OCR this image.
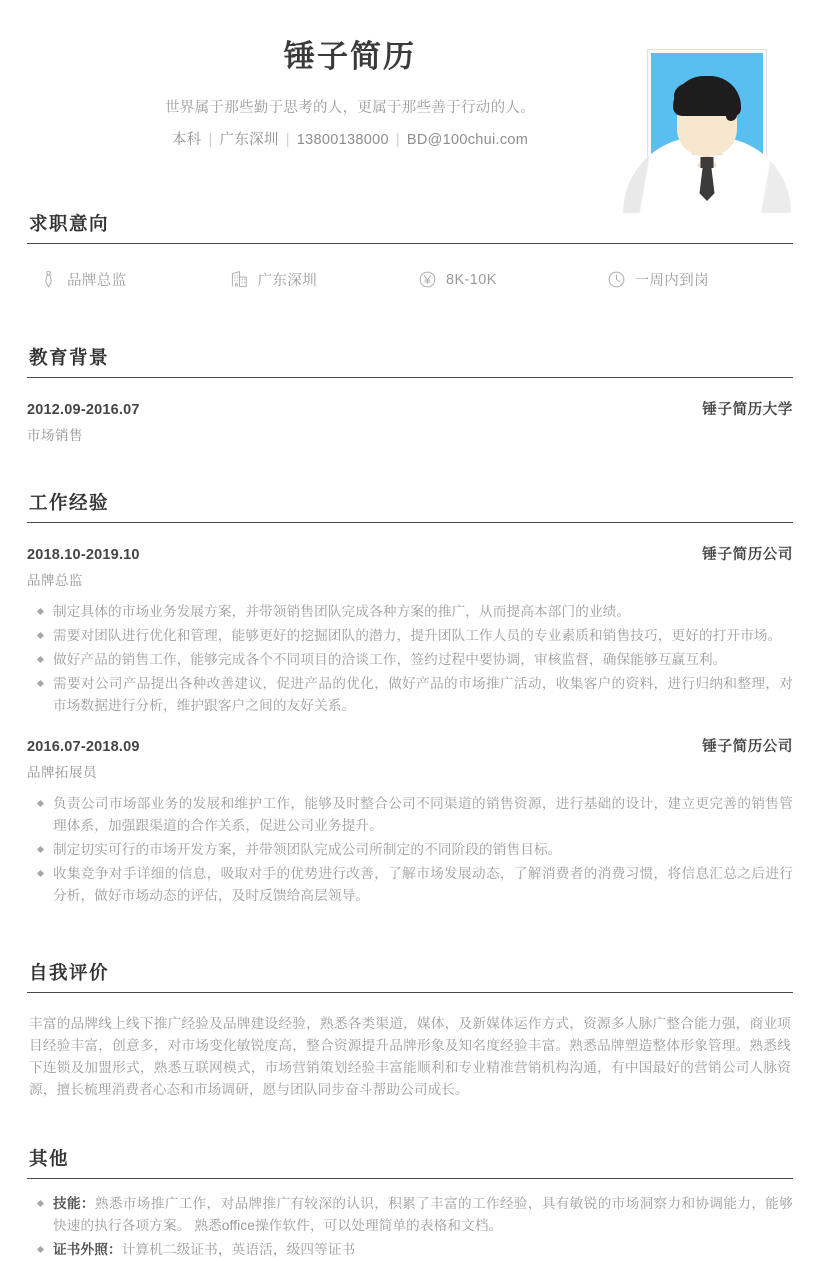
锤子简历
世界属于那些勤于思考的人，更属于那些善于行动的人。
本科 | 广东深圳 | 13800138000 | BD@100chui.com
求职意向
品牌总监	广东深圳	8K-10K	一周内到岗
教育背景
2012.09-2016.07	锤子简历大学
市场销售
工作经验
2018.10-2019.10	锤子简历公司
品牌总监
制定具体的市场业务发展方案，并带领销售团队完成各种方案的推广，从而提高本部门的业绩。
需要对团队进行优化和管理，能够更好的挖掘团队的潜力，提升团队工作人员的专业素质和销售技巧，更好的打开市场。
做好产品的销售工作，能够完成各个不同项目的洽谈工作，签约过程中要协调，审核监督，确保能够互赢互利。
需要对公司产品提出各种改善建议，促进产品的优化，做好产品的市场推广活动，收集客户的资料，进行归纳和整理，对市场数据进行分析，维护跟客户之间的友好关系。
2016.07-2018.09	锤子简历公司
品牌拓展员
负责公司市场部业务的发展和维护工作，能够及时整合公司不同渠道的销售资源，进行基础的设计，建立更完善的销售管理体系，加强跟渠道的合作关系，促进公司业务提升。
制定切实可行的市场开发方案，并带领团队完成公司所制定的不同阶段的销售目标。
收集竞争对手详细的信息，吸取对手的优势进行改善，了解市场发展动态，了解消费者的消费习惯，将信息汇总之后进行分析，做好市场动态的评估，及时反馈给高层领导。
自我评价
丰富的品牌线上线下推广经验及品牌建设经验，熟悉各类渠道，媒体，及新媒体运作方式，资源多人脉广整合能力强，商业项目经验丰富，创意多，对市场变化敏锐度高，整合资源提升品牌形象及知名度经验丰富。熟悉品牌塑造整体形象管理。熟悉线下连锁及加盟形式，熟悉互联网模式，市场营销策划经验丰富能顺利和专业精准营销机构沟通，有中国最好的营销公司人脉资源，擅长梳理消费者心态和市场调研，愿与团队同步奋斗帮助公司成长。
其他
技能：熟悉市场推广工作，对品牌推广有较深的认识，积累了丰富的工作经验，具有敏锐的市场洞察力和协调能力，能够快速的执行各项方案。 熟悉office操作软件，可以处理简单的表格和文档。
证书外照：计算机二级证书，英语活，级四等证书
